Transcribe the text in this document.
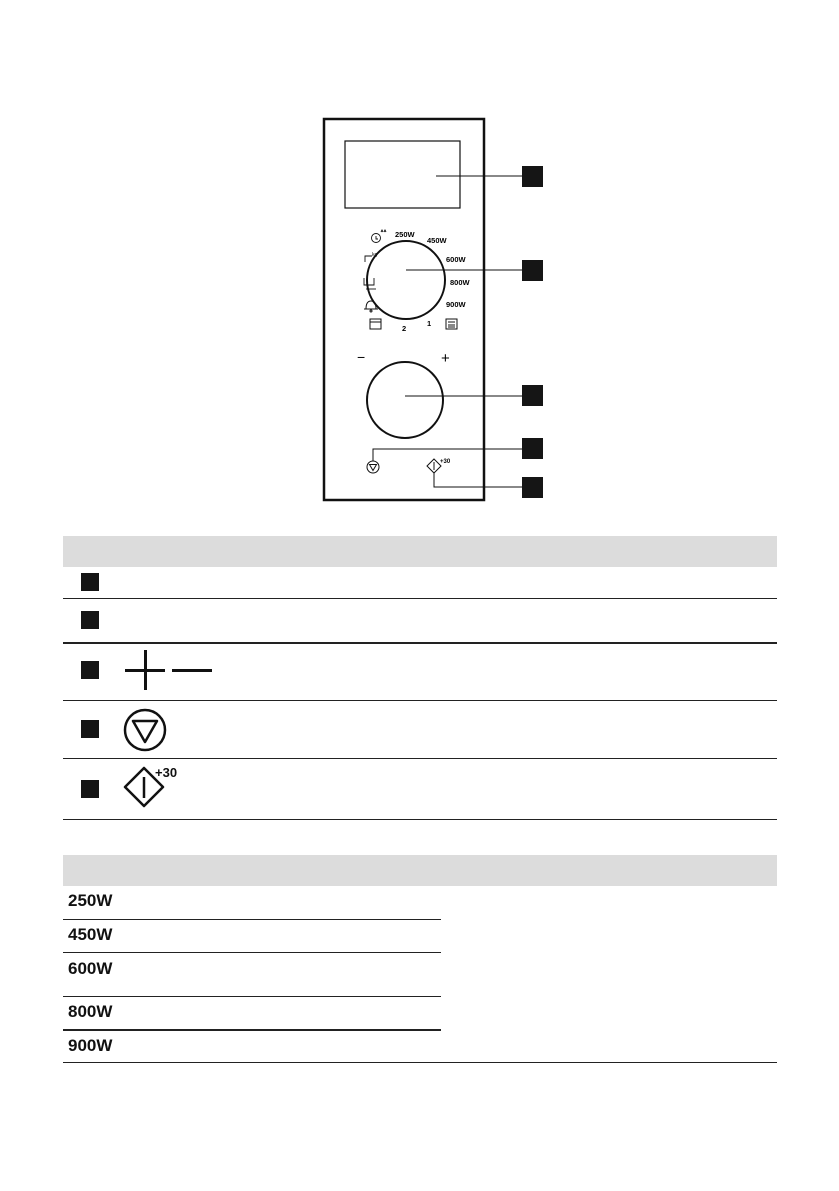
250W
450W
600W
800W
900W
2
1
kg
−	+
+30
+30
250W
450W
600W
800W
900W
